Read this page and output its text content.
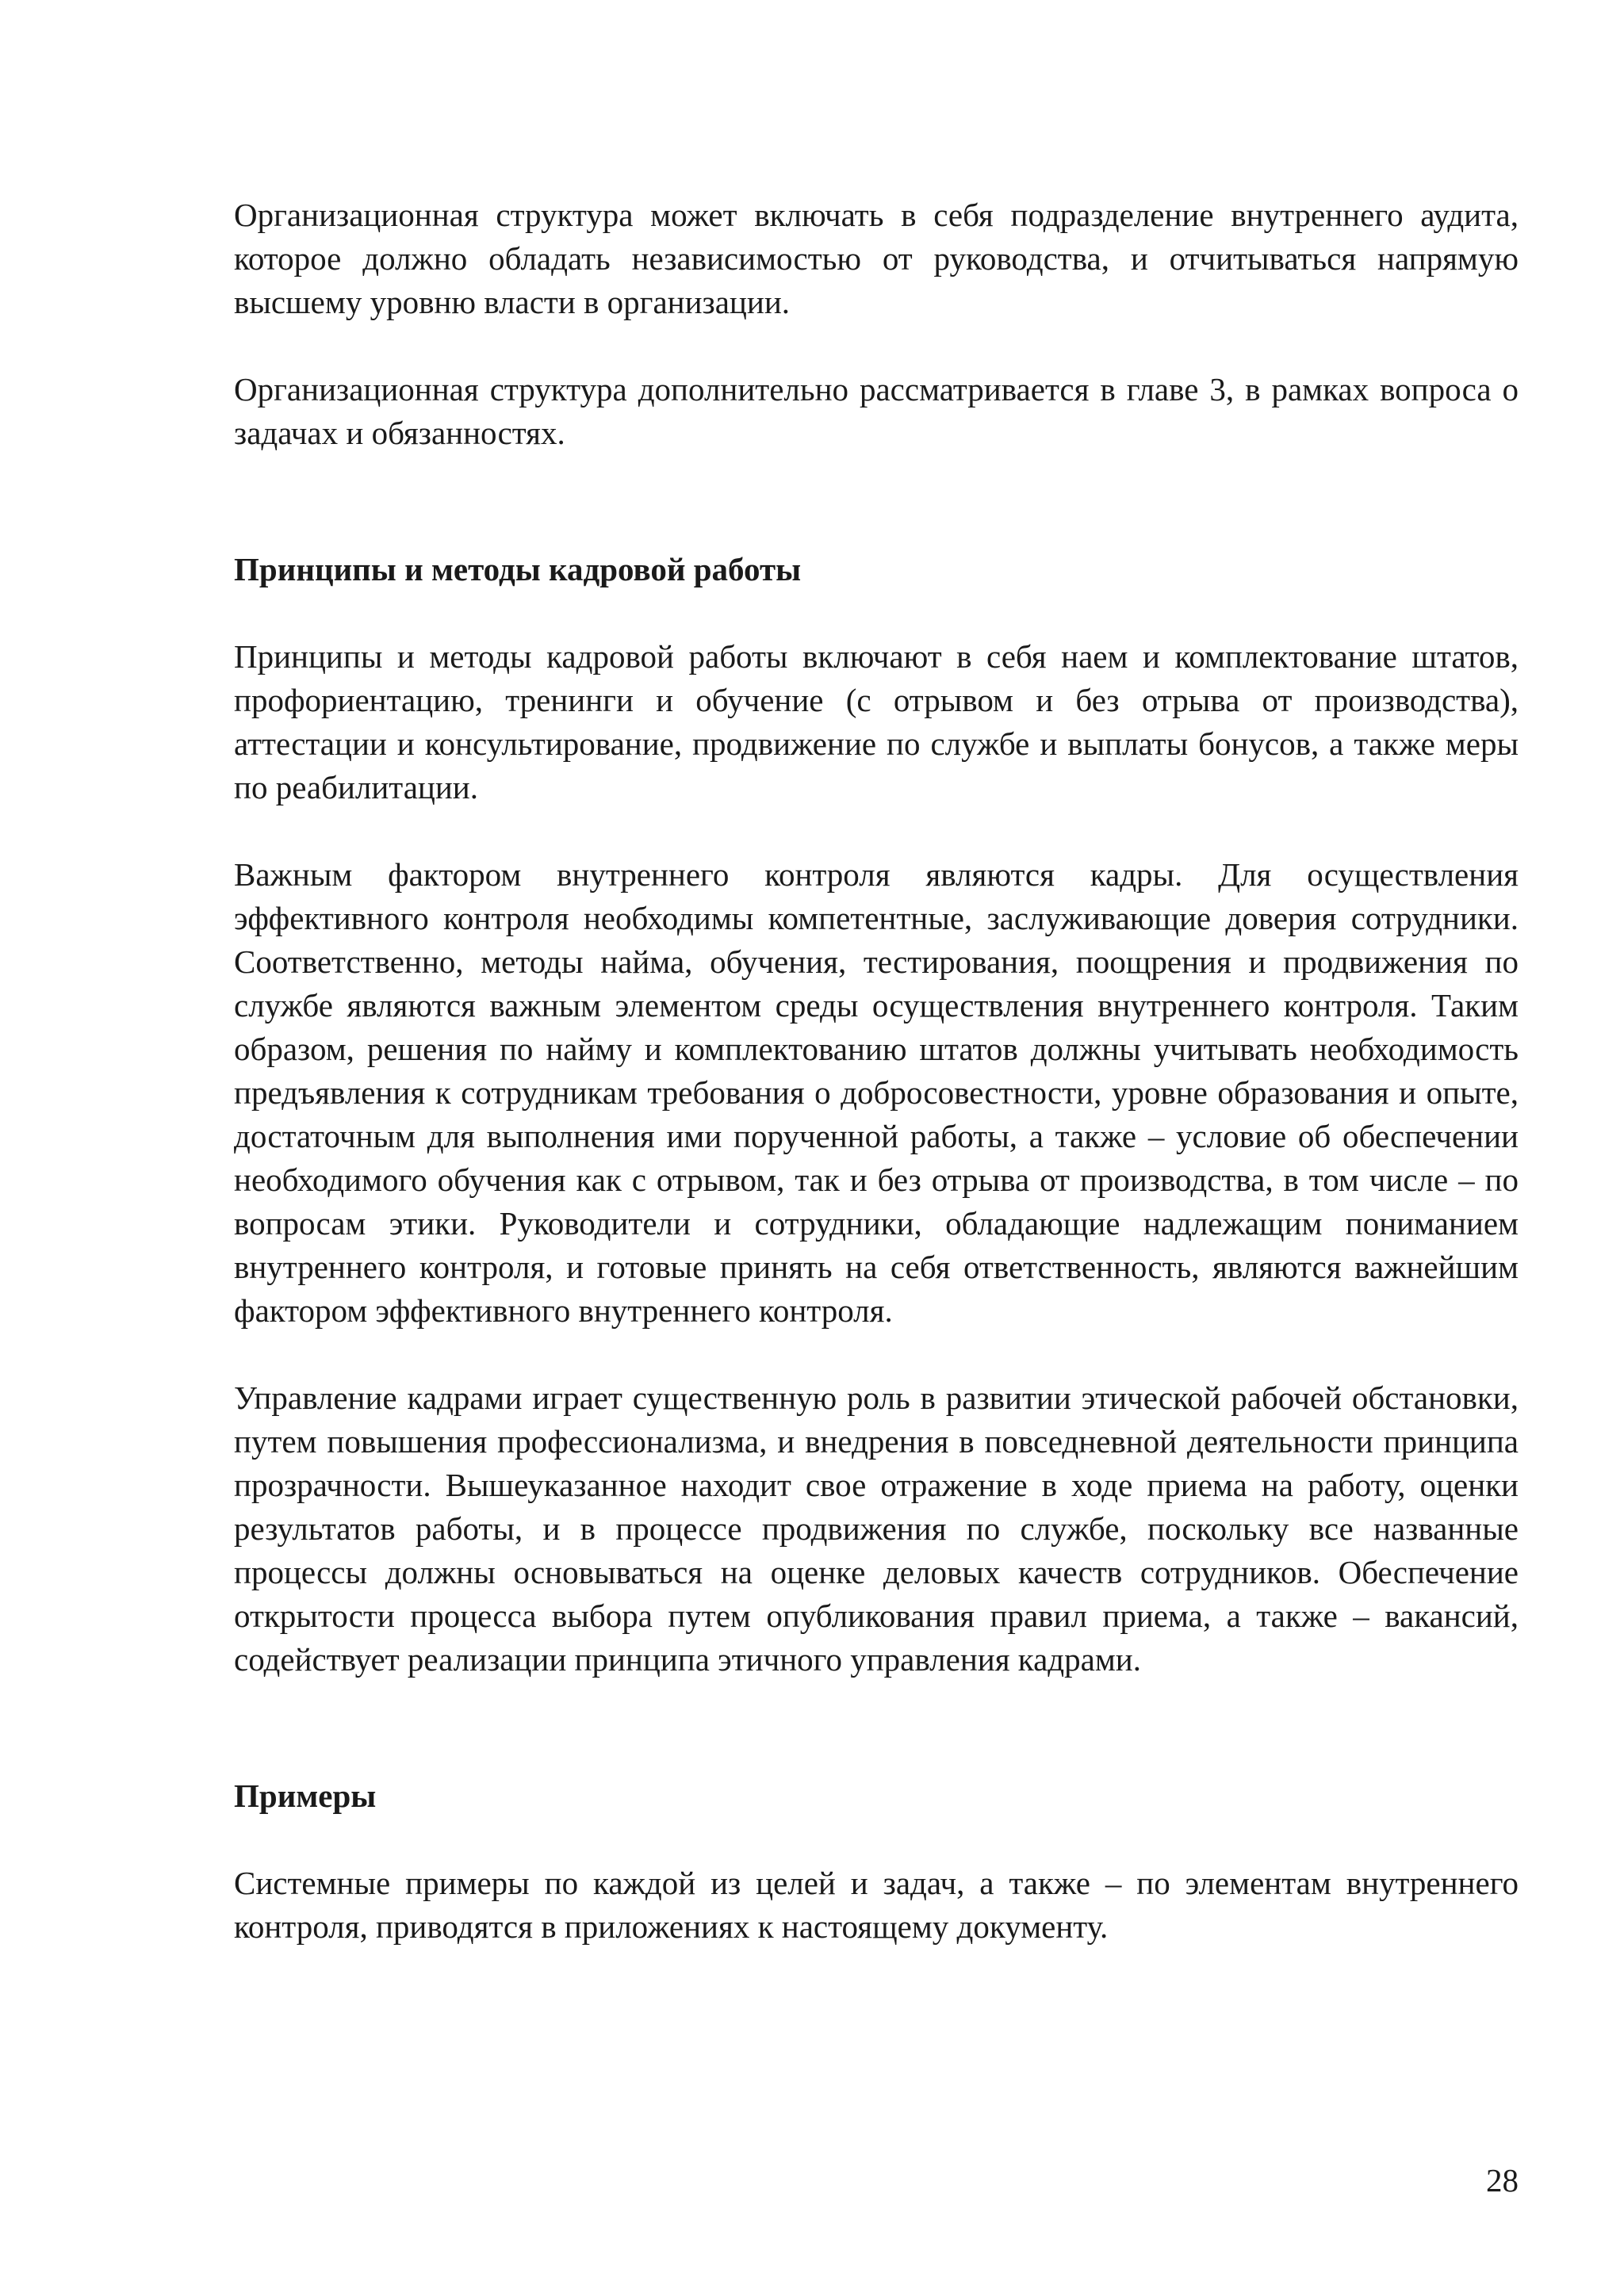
Организационная структура может включать в себя подразделение внутреннего аудита, которое должно обладать независимостью от руководства, и отчитываться напрямую высшему уровню власти в организации.

Организационная структура дополнительно рассматривается в главе 3, в рамках вопроса о задачах и обязанностях.

Принципы и методы кадровой работы

Принципы и методы кадровой работы включают в себя наем и комплектование штатов, профориентацию, тренинги и обучение (с отрывом и без отрыва от производства), аттестации и консультирование, продвижение по службе и выплаты бонусов, а также меры по реабилитации.

Важным фактором внутреннего контроля являются кадры. Для осуществления эффективного контроля необходимы компетентные, заслуживающие доверия сотрудники. Соответственно, методы найма, обучения, тестирования, поощрения и продвижения по службе являются важным элементом среды осуществления внутреннего контроля. Таким образом, решения по найму и комплектованию штатов должны учитывать необходимость предъявления к сотрудникам требования о добросовестности, уровне образования и опыте, достаточным для выполнения ими порученной работы, а также – условие об обеспечении необходимого обучения как с отрывом, так и без отрыва от производства, в том числе – по вопросам этики. Руководители и сотрудники, обладающие надлежащим пониманием внутреннего контроля, и готовые принять на себя ответственность, являются важнейшим фактором эффективного внутреннего контроля.

Управление кадрами играет существенную роль в развитии этической рабочей обстановки, путем повышения профессионализма, и внедрения в повседневной деятельности принципа прозрачности. Вышеуказанное находит свое отражение в ходе приема на работу, оценки результатов работы, и в процессе продвижения по службе, поскольку все названные процессы должны основываться на оценке деловых качеств сотрудников. Обеспечение открытости процесса выбора путем опубликования правил приема, а также – вакансий, содействует реализации принципа этичного управления кадрами.

Примеры

Системные примеры по каждой из целей и задач, а также – по элементам внутреннего контроля, приводятся в приложениях к настоящему документу.

28
